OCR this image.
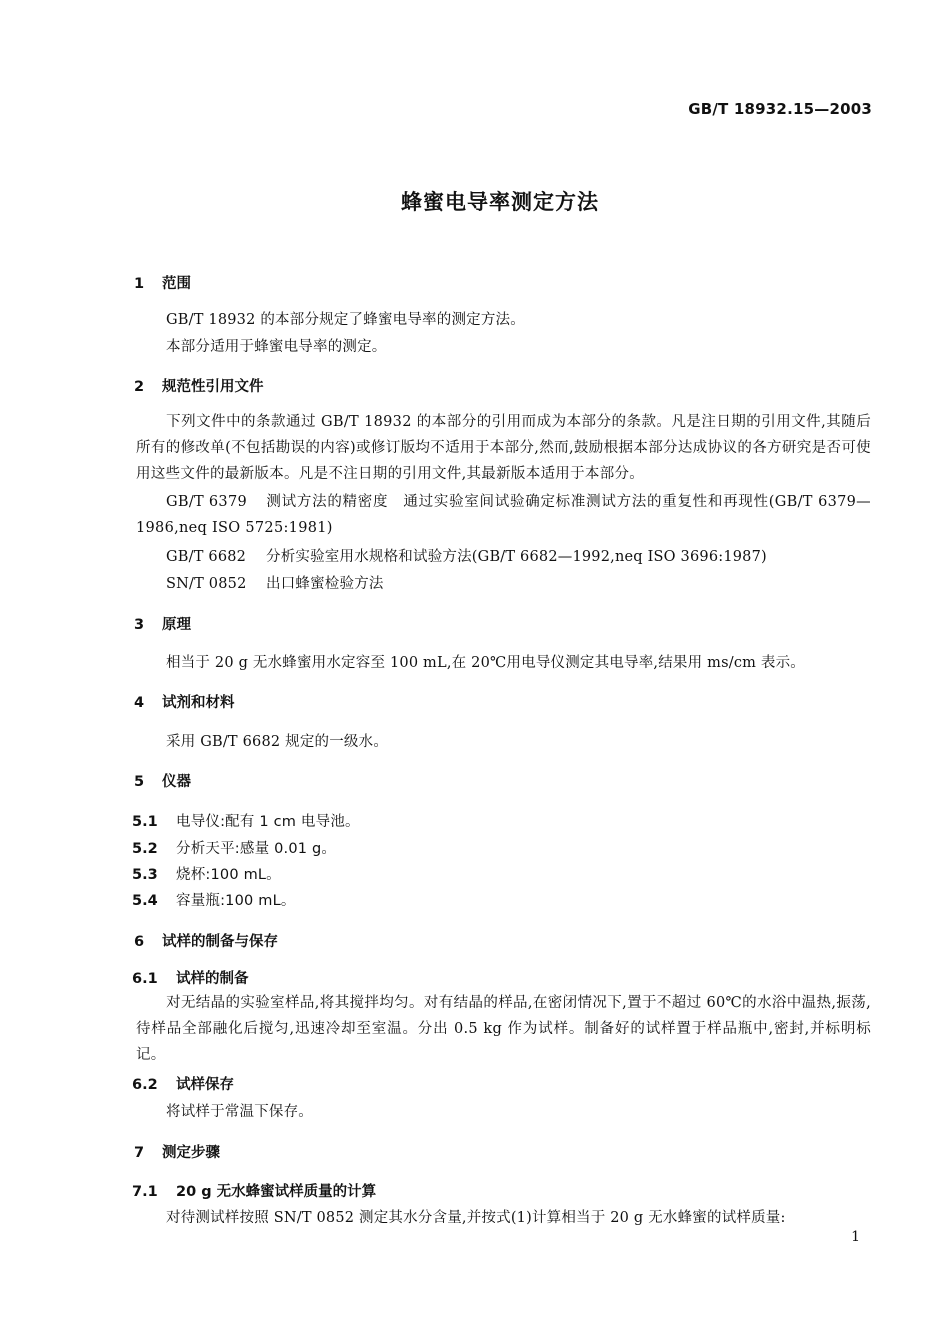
GB/T 18932.15—2003
蜂蜜电导率测定方法
1 范围
GB/T 18932 的本部分规定了蜂蜜电导率的测定方法。
本部分适用于蜂蜜电导率的测定。
2 规范性引用文件
下列文件中的条款通过 GB/T 18932 的本部分的引用而成为本部分的条款。凡是注日期的引用文件,其随后所有的修改单(不包括勘误的内容)或修订版均不适用于本部分,然而,鼓励根据本部分达成协议的各方研究是否可使用这些文件的最新版本。凡是不注日期的引用文件,其最新版本适用于本部分。
GB/T 6379 测试方法的精密度　通过实验室间试验确定标准测试方法的重复性和再现性(GB/T 6379—1986,neq ISO 5725:1981)
GB/T 6682 分析实验室用水规格和试验方法(GB/T 6682—1992,neq ISO 3696:1987)
SN/T 0852 出口蜂蜜检验方法
3 原理
相当于 20 g 无水蜂蜜用水定容至 100 mL,在 20℃用电导仪测定其电导率,结果用 ms/cm 表示。
4 试剂和材料
采用 GB/T 6682 规定的一级水。
5 仪器
5.1 电导仪:配有 1 cm 电导池。
5.2 分析天平:感量 0.01 g。
5.3 烧杯:100 mL。
5.4 容量瓶:100 mL。
6 试样的制备与保存
6.1 试样的制备
对无结晶的实验室样品,将其搅拌均匀。对有结晶的样品,在密闭情况下,置于不超过 60℃的水浴中温热,振荡,待样品全部融化后搅匀,迅速冷却至室温。分出 0.5 kg 作为试样。制备好的试样置于样品瓶中,密封,并标明标记。
6.2 试样保存
将试样于常温下保存。
7 测定步骤
7.1 20 g 无水蜂蜜试样质量的计算
对待测试样按照 SN/T 0852 测定其水分含量,并按式(1)计算相当于 20 g 无水蜂蜜的试样质量:
1
